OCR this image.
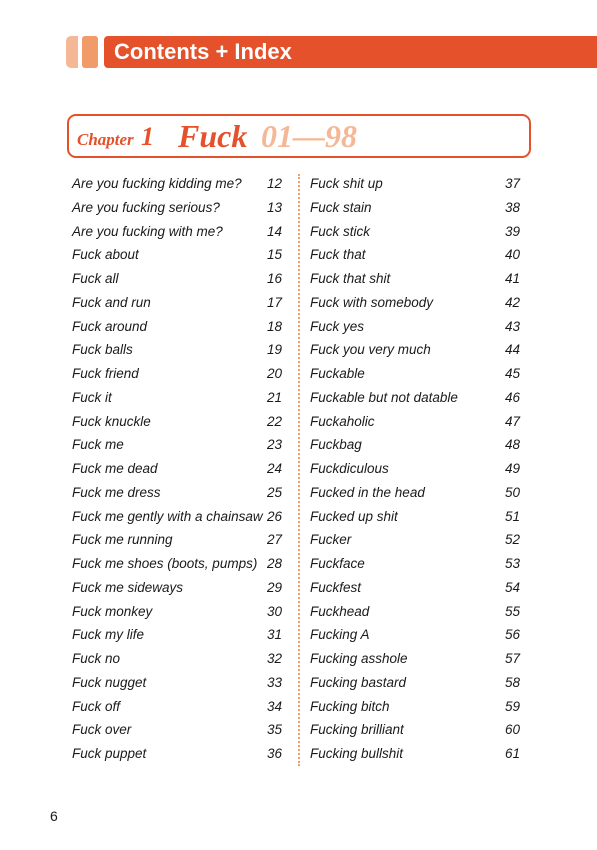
Contents + Index
Chapter 1 Fuck 01—98
Are you fucking kidding me? 12
Are you fucking serious?	13
Are you fucking with me?	14
Fuck about	15
Fuck all	16
Fuck and run	17
Fuck around	18
Fuck balls	19
Fuck friend	20
Fuck it	21
Fuck knuckle	22
Fuck me	23
Fuck me dead	24
Fuck me dress	25
Fuck me gently with a chainsaw 26
Fuck me running	27
Fuck me shoes (boots, pumps) 28
Fuck me sideways	29
Fuck monkey	30
Fuck my life	31
Fuck no	32
Fuck nugget	33
Fuck off	34
Fuck over	35
Fuck puppet	36
Fuck shit up	37
Fuck stain	38
Fuck stick	39
Fuck that	40
Fuck that shit	41
Fuck with somebody	42
Fuck yes	43
Fuck you very much	44
Fuckable	45
Fuckable but not datable	46
Fuckaholic	47
Fuckbag	48
Fuckdiculous	49
Fucked in the head	50
Fucked up shit	51
Fucker	52
Fuckface	53
Fuckfest	54
Fuckhead	55
Fucking A	56
Fucking asshole	57
Fucking bastard	58
Fucking bitch	59
Fucking brilliant	60
Fucking bullshit	61
6
